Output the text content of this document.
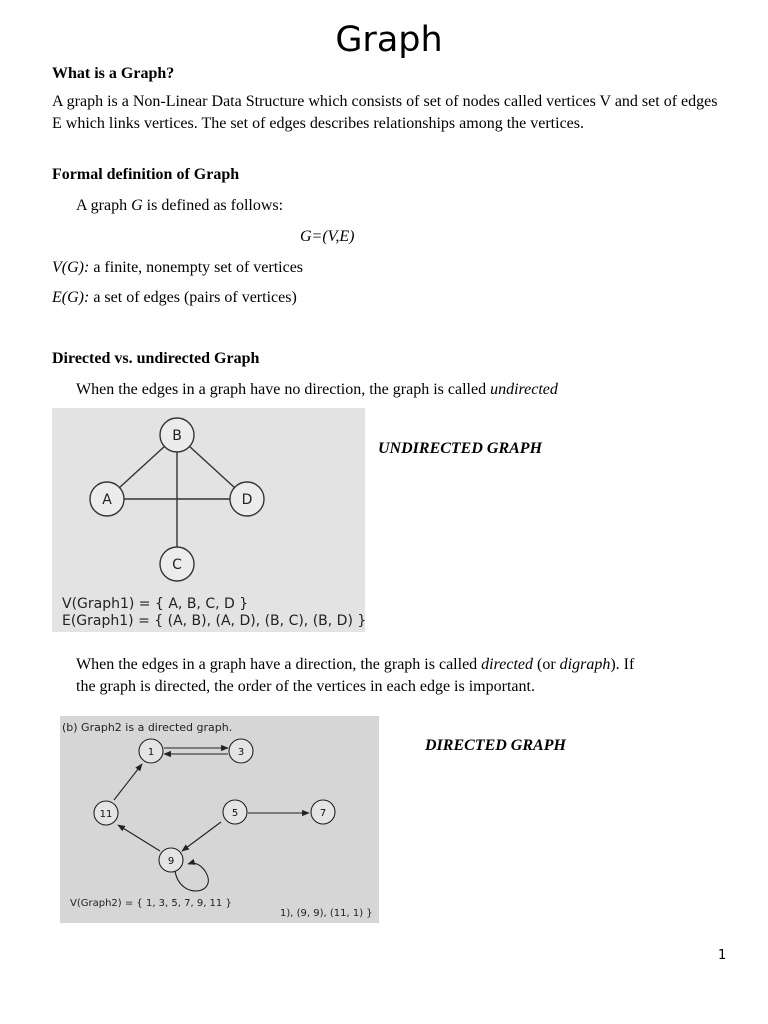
Graph
What is a Graph?
A graph is a Non-Linear Data Structure which consists of set of nodes called vertices V and set of edges E which links vertices. The set of edges describes relationships among the vertices.
Formal definition of Graph
A graph G is defined as follows:
G=(V,E)
V(G): a finite, nonempty set of vertices
E(G): a set of edges (pairs of vertices)
Directed vs. undirected Graph
When the edges in a graph have no direction, the graph is called undirected
B
A	D
C
V(Graph1) = { A, B, C, D }
E(Graph1) = { (A, B), (A, D), (B, C), (B, D) }
UNDIRECTED GRAPH
When the edges in a graph have a direction, the graph is called directed (or digraph). If
the graph is directed, the order of the vertices in each edge is important.
(b) Graph2 is a directed graph.
1	3
11	5	7
9
V(Graph2) = { 1, 3, 5, 7, 9, 11 }
1), (9, 9), (11, 1) }
DIRECTED GRAPH
1
